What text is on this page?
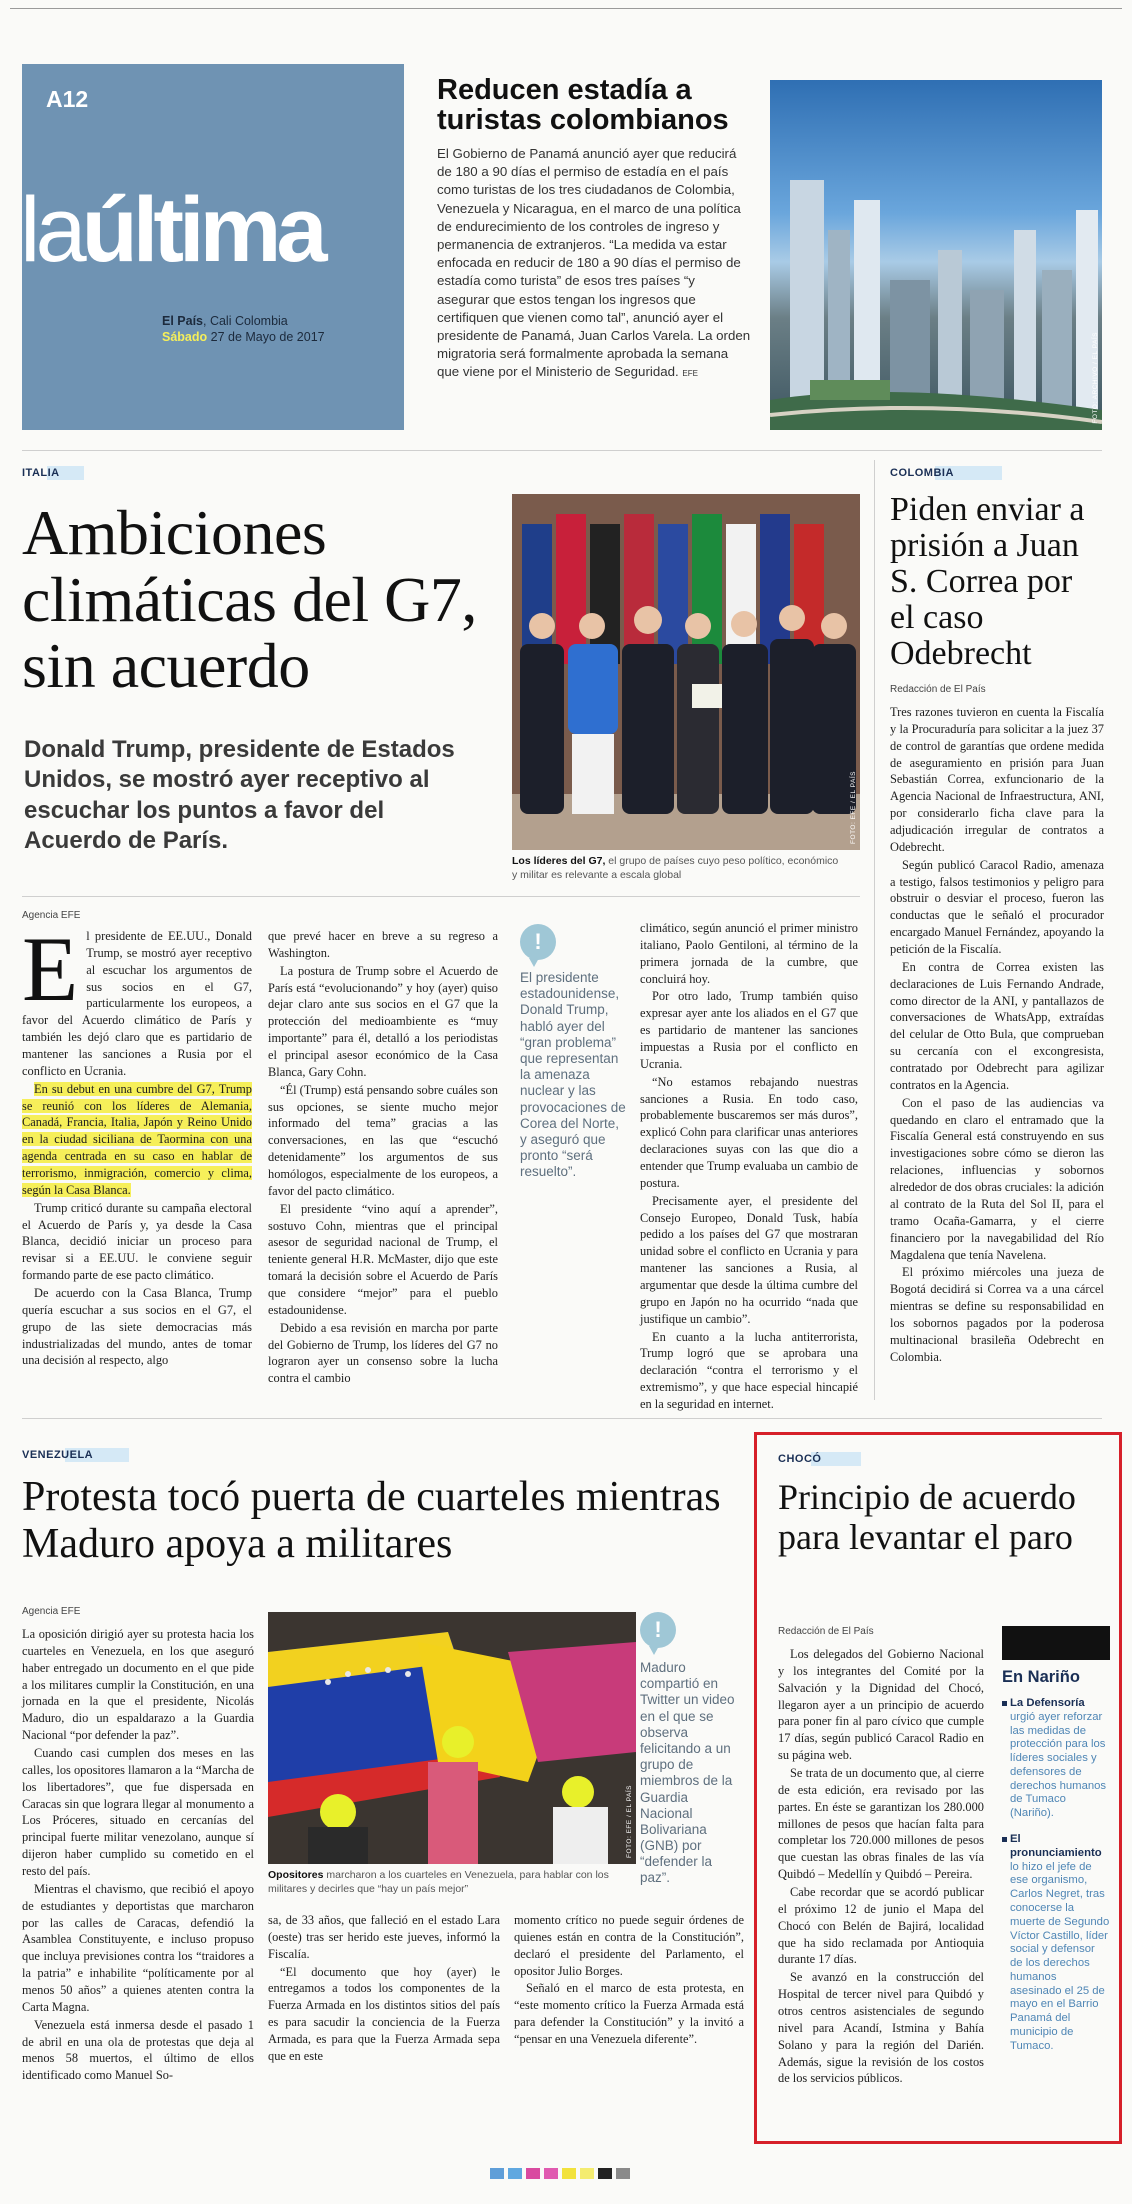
A12
laúltima
El País, Cali Colombia
Sábado 27 de Mayo de 2017
Reducen estadía a turistas colombianos
El Gobierno de Panamá anunció ayer que reducirá de 180 a 90 días el permiso de estadía en el país como turistas de los tres ciudadanos de Colombia, Venezuela y Nicaragua, en el marco de una política de endurecimiento de los controles de ingreso y permanencia de extranjeros. “La medida va estar enfocada en reducir de 180 a 90 días el permiso de estadía como turista” de esos tres países “y asegurar que estos tengan los ingresos que certifiquen que vienen como tal”, anunció ayer el presidente de Panamá, Juan Carlos Varela. La orden migratoria será formalmente aprobada la semana que viene por el Ministerio de Seguridad. EFE	FOTO: ARCHIVO / EL PAÍS
ITALIA
Ambiciones climáticas del G7, sin acuerdo
Donald Trump, presidente de Estados Unidos, se mostró ayer receptivo al escuchar los puntos a favor del Acuerdo de París.	FOTO: EFE / EL PAÍS
Los líderes del G7, el grupo de países cuyo peso político, económico y militar es relevante a escala global
Agencia EFE
E l presidente de EE.UU., Donald Trump, se mostró ayer receptivo al escuchar los argumentos de sus socios en el G7, particularmente los europeos, a favor del Acuerdo climático de París y también les dejó claro que es partidario de mantener las sanciones a Rusia por el conflicto en Ucrania.

En su debut en una cumbre del G7, Trump se reunió con los líderes de Alemania, Canadá, Francia, Italia, Japón y Reino Unido en la ciudad siciliana de Taormina con una agenda centrada en su caso en hablar de terrorismo, inmigración, comercio y clima, según la Casa Blanca.

Trump criticó durante su campaña electoral el Acuerdo de París y, ya desde la Casa Blanca, decidió iniciar un proceso para revisar si a EE.UU. le conviene seguir formando parte de ese pacto climático.

De acuerdo con la Casa Blanca, Trump quería escuchar a sus socios en el G7, el grupo de las siete democracias más industrializadas del mundo, antes de tomar una decisión al respecto, algo

que prevé hacer en breve a su regreso a Washington.

La postura de Trump sobre el Acuerdo de París está “evolucionando” y hoy (ayer) quiso dejar claro ante sus socios en el G7 que la protección del medioambiente es “muy importante” para él, detalló a los periodistas el principal asesor económico de la Casa Blanca, Gary Cohn.

“Él (Trump) está pensando sobre cuáles son sus opciones, se siente mucho mejor informado del tema” gracias a las conversaciones, en las que “escuchó detenidamente” los argumentos de sus homólogos, especialmente de los europeos, a favor del pacto climático.

El presidente “vino aquí a aprender”, sostuvo Cohn, mientras que el principal asesor de seguridad nacional de Trump, el teniente general H.R. McMaster, dijo que este tomará la decisión sobre el Acuerdo de París que considere “mejor” para el pueblo estadounidense.

Debido a esa revisión en marcha por parte del Gobierno de Trump, los líderes del G7 no lograron ayer un consenso sobre la lucha contra el cambio

!
El presidente estadounidense, Donald Trump, habló ayer del “gran problema” que representan la amenaza nuclear y las provocaciones de Corea del Norte, y aseguró que pronto “será resuelto”.

climático, según anunció el primer ministro italiano, Paolo Gentiloni, al término de la primera jornada de la cumbre, que concluirá hoy.

Por otro lado, Trump también quiso expresar ayer ante los aliados en el G7 que es partidario de mantener las sanciones impuestas a Rusia por el conflicto en Ucrania.

“No estamos rebajando nuestras sanciones a Rusia. En todo caso, probablemente buscaremos ser más duros”, explicó Cohn para clarificar unas anteriores declaraciones suyas con las que dio a entender que Trump evaluaba un cambio de postura.

Precisamente ayer, el presidente del Consejo Europeo, Donald Tusk, había pedido a los países del G7 que mostraran unidad sobre el conflicto en Ucrania y para mantener las sanciones a Rusia, al argumentar que desde la última cumbre del grupo en Japón no ha ocurrido “nada que justifique un cambio”.

En cuanto a la lucha antiterrorista, Trump logró que se aprobara una declaración “contra el terrorismo y el extremismo”, y que hace especial hincapié en la seguridad en internet.

COLOMBIA
Piden enviar a prisión a Juan S. Correa por el caso Odebrecht
Redacción de El País

Tres razones tuvieron en cuenta la Fiscalía y la Procuraduría para solicitar a la juez 37 de control de garantías que ordene medida de aseguramiento en prisión para Juan Sebastián Correa, exfuncionario de la Agencia Nacional de Infraestructura, ANI, por considerarlo ficha clave para la adjudicación irregular de contratos a Odebrecht.

Según publicó Caracol Radio, amenaza a testigo, falsos testimonios y peligro para obstruir o desviar el proceso, fueron las conductas que le señaló el procurador encargado Manuel Fernández, apoyando la petición de la Fiscalía.

En contra de Correa existen las declaraciones de Luis Fernando Andrade, como director de la ANI, y pantallazos de conversaciones de WhatsApp, extraídas del celular de Otto Bula, que comprueban su cercanía con el excongresista, contratado por Odebrecht para agilizar contratos en la Agencia.

Con el paso de las audiencias va quedando en claro el entramado que la Fiscalía General está construyendo en sus investigaciones sobre cómo se dieron las relaciones, influencias y sobornos alrededor de dos obras cruciales: la adición al contrato de la Ruta del Sol II, para el tramo Ocaña-Gamarra, y el cierre financiero por la navegabilidad del Río Magdalena que tenía Navelena.

El próximo miércoles una jueza de Bogotá decidirá si Correa va a una cárcel mientras se define su responsabilidad en los sobornos pagados por la poderosa multinacional brasileña Odebrecht en Colombia.

VENEZUELA
Protesta tocó puerta de cuarteles mientras Maduro apoya a militares
Agencia EFE

La oposición dirigió ayer su protesta hacia los cuarteles en Venezuela, en los que aseguró haber entregado un documento en el que pide a los militares cumplir la Constitución, en una jornada en la que el presidente, Nicolás Maduro, dio un espaldarazo a la Guardia Nacional “por defender la paz”.

Cuando casi cumplen dos meses en las calles, los opositores llamaron a la “Marcha de los libertadores”, que fue dispersada en Caracas sin que lograra llegar al monumento a Los Próceres, situado en cercanías del principal fuerte militar venezolano, aunque sí dijeron haber cumplido su cometido en el resto del país.

Mientras el chavismo, que recibió el apoyo de estudiantes y deportistas que marcharon por las calles de Caracas, defendió la Asamblea Constituyente, e incluso propuso que incluya previsiones contra los “traidores a la patria” e inhabilite “políticamente por al menos 50 años” a quienes atenten contra la Carta Magna.

Venezuela está inmersa desde el pasado 1 de abril en una ola de protestas que deja al menos 58 muertos, el último de ellos identificado como Manuel So-

FOTO: EFE / EL PAÍS
Opositores marcharon a los cuarteles en Venezuela, para hablar con los militares y decirles que “hay un país mejor”
!
Maduro compartió en Twitter un video en el que se observa felicitando a un grupo de miembros de la Guardia Nacional Bolivariana (GNB) por “defender la paz”.

sa, de 33 años, que falleció en el estado Lara (oeste) tras ser herido este jueves, informó la Fiscalía.

“El documento que hoy (ayer) le entregamos a todos los componentes de la Fuerza Armada en los distintos sitios del país es para sacudir la conciencia de la Fuerza Armada, es para que la Fuerza Armada sepa que en este

momento crítico no puede seguir órdenes de quienes están en contra de la Constitución”, declaró el presidente del Parlamento, el opositor Julio Borges.

Señaló en el marco de esta protesta, en “este momento crítico la Fuerza Armada está para defender la Constitución” y la invitó a “pensar en una Venezuela diferente”.

CHOCÓ
Principio de acuerdo para levantar el paro
Redacción de El País

Los delegados del Gobierno Nacional y los integrantes del Comité por la Salvación y la Dignidad del Chocó, llegaron ayer a un principio de acuerdo para poner fin al paro cívico que cumple 17 días, según publicó Caracol Radio en su página web.

Se trata de un documento que, al cierre de esta edición, era revisado por las partes. En éste se garantizan los 280.000 millones de pesos que hacían falta para completar los 720.000 millones de pesos que cuestan las obras finales de las vía Quibdó – Medellín y Quibdó – Pereira.

Cabe recordar que se acordó publicar el próximo 12 de junio el Mapa del Chocó con Belén de Bajirá, localidad que ha sido reclamada por Antioquia durante 17 días.

Se avanzó en la construcción del Hospital de tercer nivel para Quibdó y otros centros asistenciales de segundo nivel para Acandí, Istmina y Bahía Solano y para la región del Darién. Además, sigue la revisión de los costos de los servicios públicos.

En Nariño
La Defensoría urgió ayer reforzar las medidas de protección para los líderes sociales y defensores de derechos humanos de Tumaco (Nariño).
El pronunciamiento lo hizo el jefe de ese organismo, Carlos Negret, tras conocerse la muerte de Segundo Víctor Castillo, líder social y defensor de los derechos humanos asesinado el 25 de mayo en el Barrio Panamá del municipio de Tumaco.
